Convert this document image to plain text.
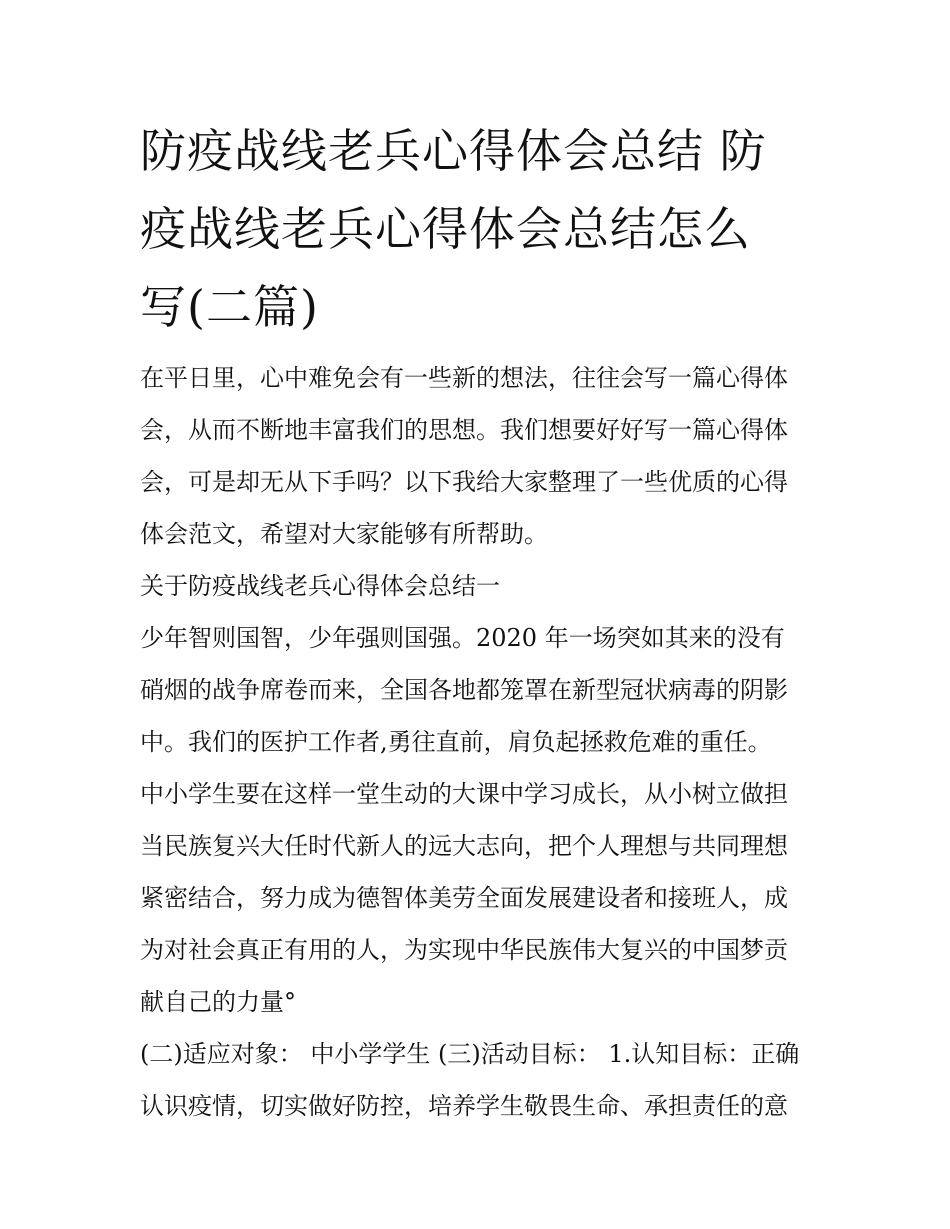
防疫战线老兵心得体会总结 防
疫战线老兵心得体会总结怎么
写(二篇)
在平日里，心中难免会有一些新的想法，往往会写一篇心得体
会，从而不断地丰富我们的思想。我们想要好好写一篇心得体
会，可是却无从下手吗？以下我给大家整理了一些优质的心得
体会范文，希望对大家能够有所帮助。
关于防疫战线老兵心得体会总结一
少年智则国智，少年强则国强。2020 年一场突如其来的没有
硝烟的战争席卷而来，全国各地都笼罩在新型冠状病毒的阴影
中。我们的医护工作者,勇往直前，肩负起拯救危难的重任。
中小学生要在这样一堂生动的大课中学习成长，从小树立做担
当民族复兴大任时代新人的远大志向，把个人理想与共同理想
紧密结合，努力成为德智体美劳全面发展建设者和接班人，成
为对社会真正有用的人，为实现中华民族伟大复兴的中国梦贡
献自己的力量°
(二)适应对象： 中小学学生 (三)活动目标： 1.认知目标：正确
认识疫情，切实做好防控，培养学生敬畏生命、承担责任的意
